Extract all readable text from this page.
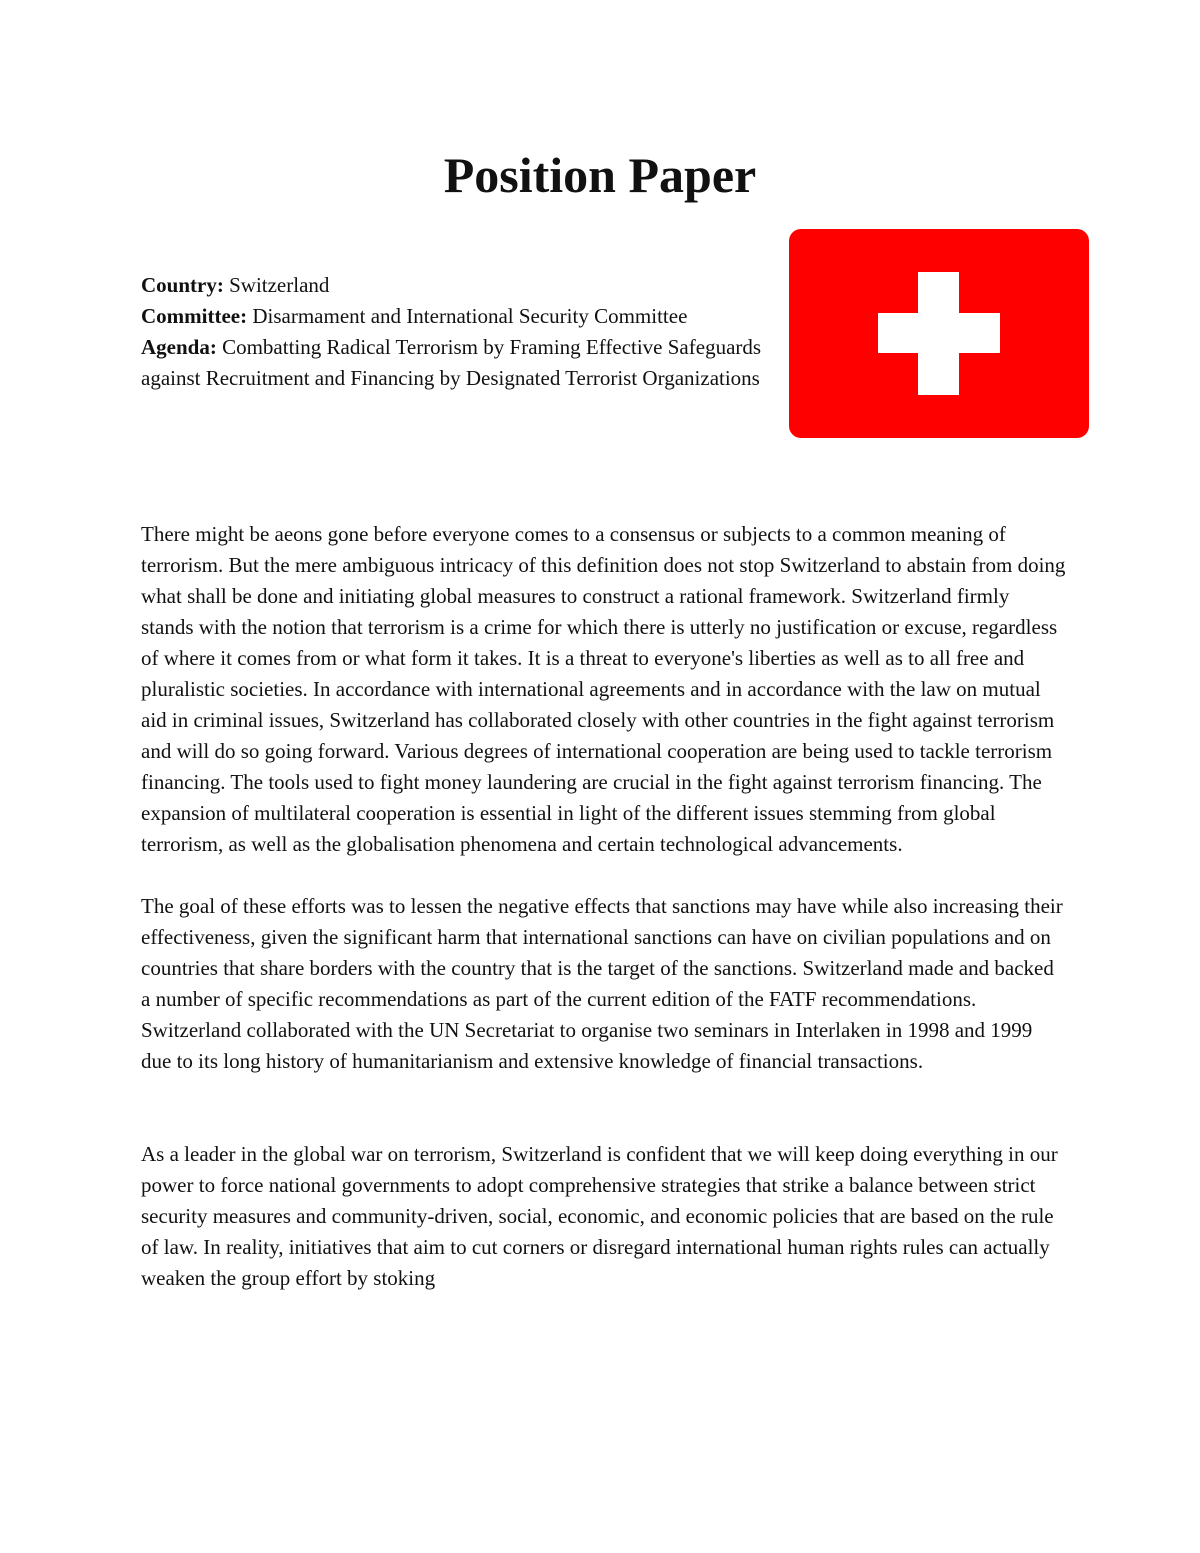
Position Paper

Country: Switzerland

Committee: Disarmament and International Security Committee

Agenda: Combatting Radical Terrorism by Framing Effective Safeguards against Recruitment and Financing by Designated Terrorist Organizations

There might be aeons gone before everyone comes to a consensus or subjects to a common meaning of terrorism. But the mere ambiguous intricacy of this definition does not stop Switzerland to abstain from doing what shall be done and initiating global measures to construct a rational framework. Switzerland firmly stands with the notion that terrorism is a crime for which there is utterly no justification or excuse, regardless of where it comes from or what form it takes. It is a threat to everyone's liberties as well as to all free and pluralistic societies. In accordance with international agreements and in accordance with the law on mutual aid in criminal issues, Switzerland has collaborated closely with other countries in the fight against terrorism and will do so going forward. Various degrees of international cooperation are being used to tackle terrorism financing. The tools used to fight money laundering are crucial in the fight against terrorism financing. The expansion of multilateral cooperation is essential in light of the different issues stemming from global terrorism, as well as the globalisation phenomena and certain technological advancements.

The goal of these efforts was to lessen the negative effects that sanctions may have while also increasing their effectiveness, given the significant harm that international sanctions can have on civilian populations and on countries that share borders with the country that is the target of the sanctions. Switzerland made and backed a number of specific recommendations as part of the current edition of the FATF recommendations. Switzerland collaborated with the UN Secretariat to organise two seminars in Interlaken in 1998 and 1999 due to its long history of humanitarianism and extensive knowledge of financial transactions.

As a leader in the global war on terrorism, Switzerland is confident that we will keep doing everything in our power to force national governments to adopt comprehensive strategies that strike a balance between strict security measures and community-driven, social, economic, and economic policies that are based on the rule of law. In reality, initiatives that aim to cut corners or disregard international human rights rules can actually weaken the group effort by stoking
